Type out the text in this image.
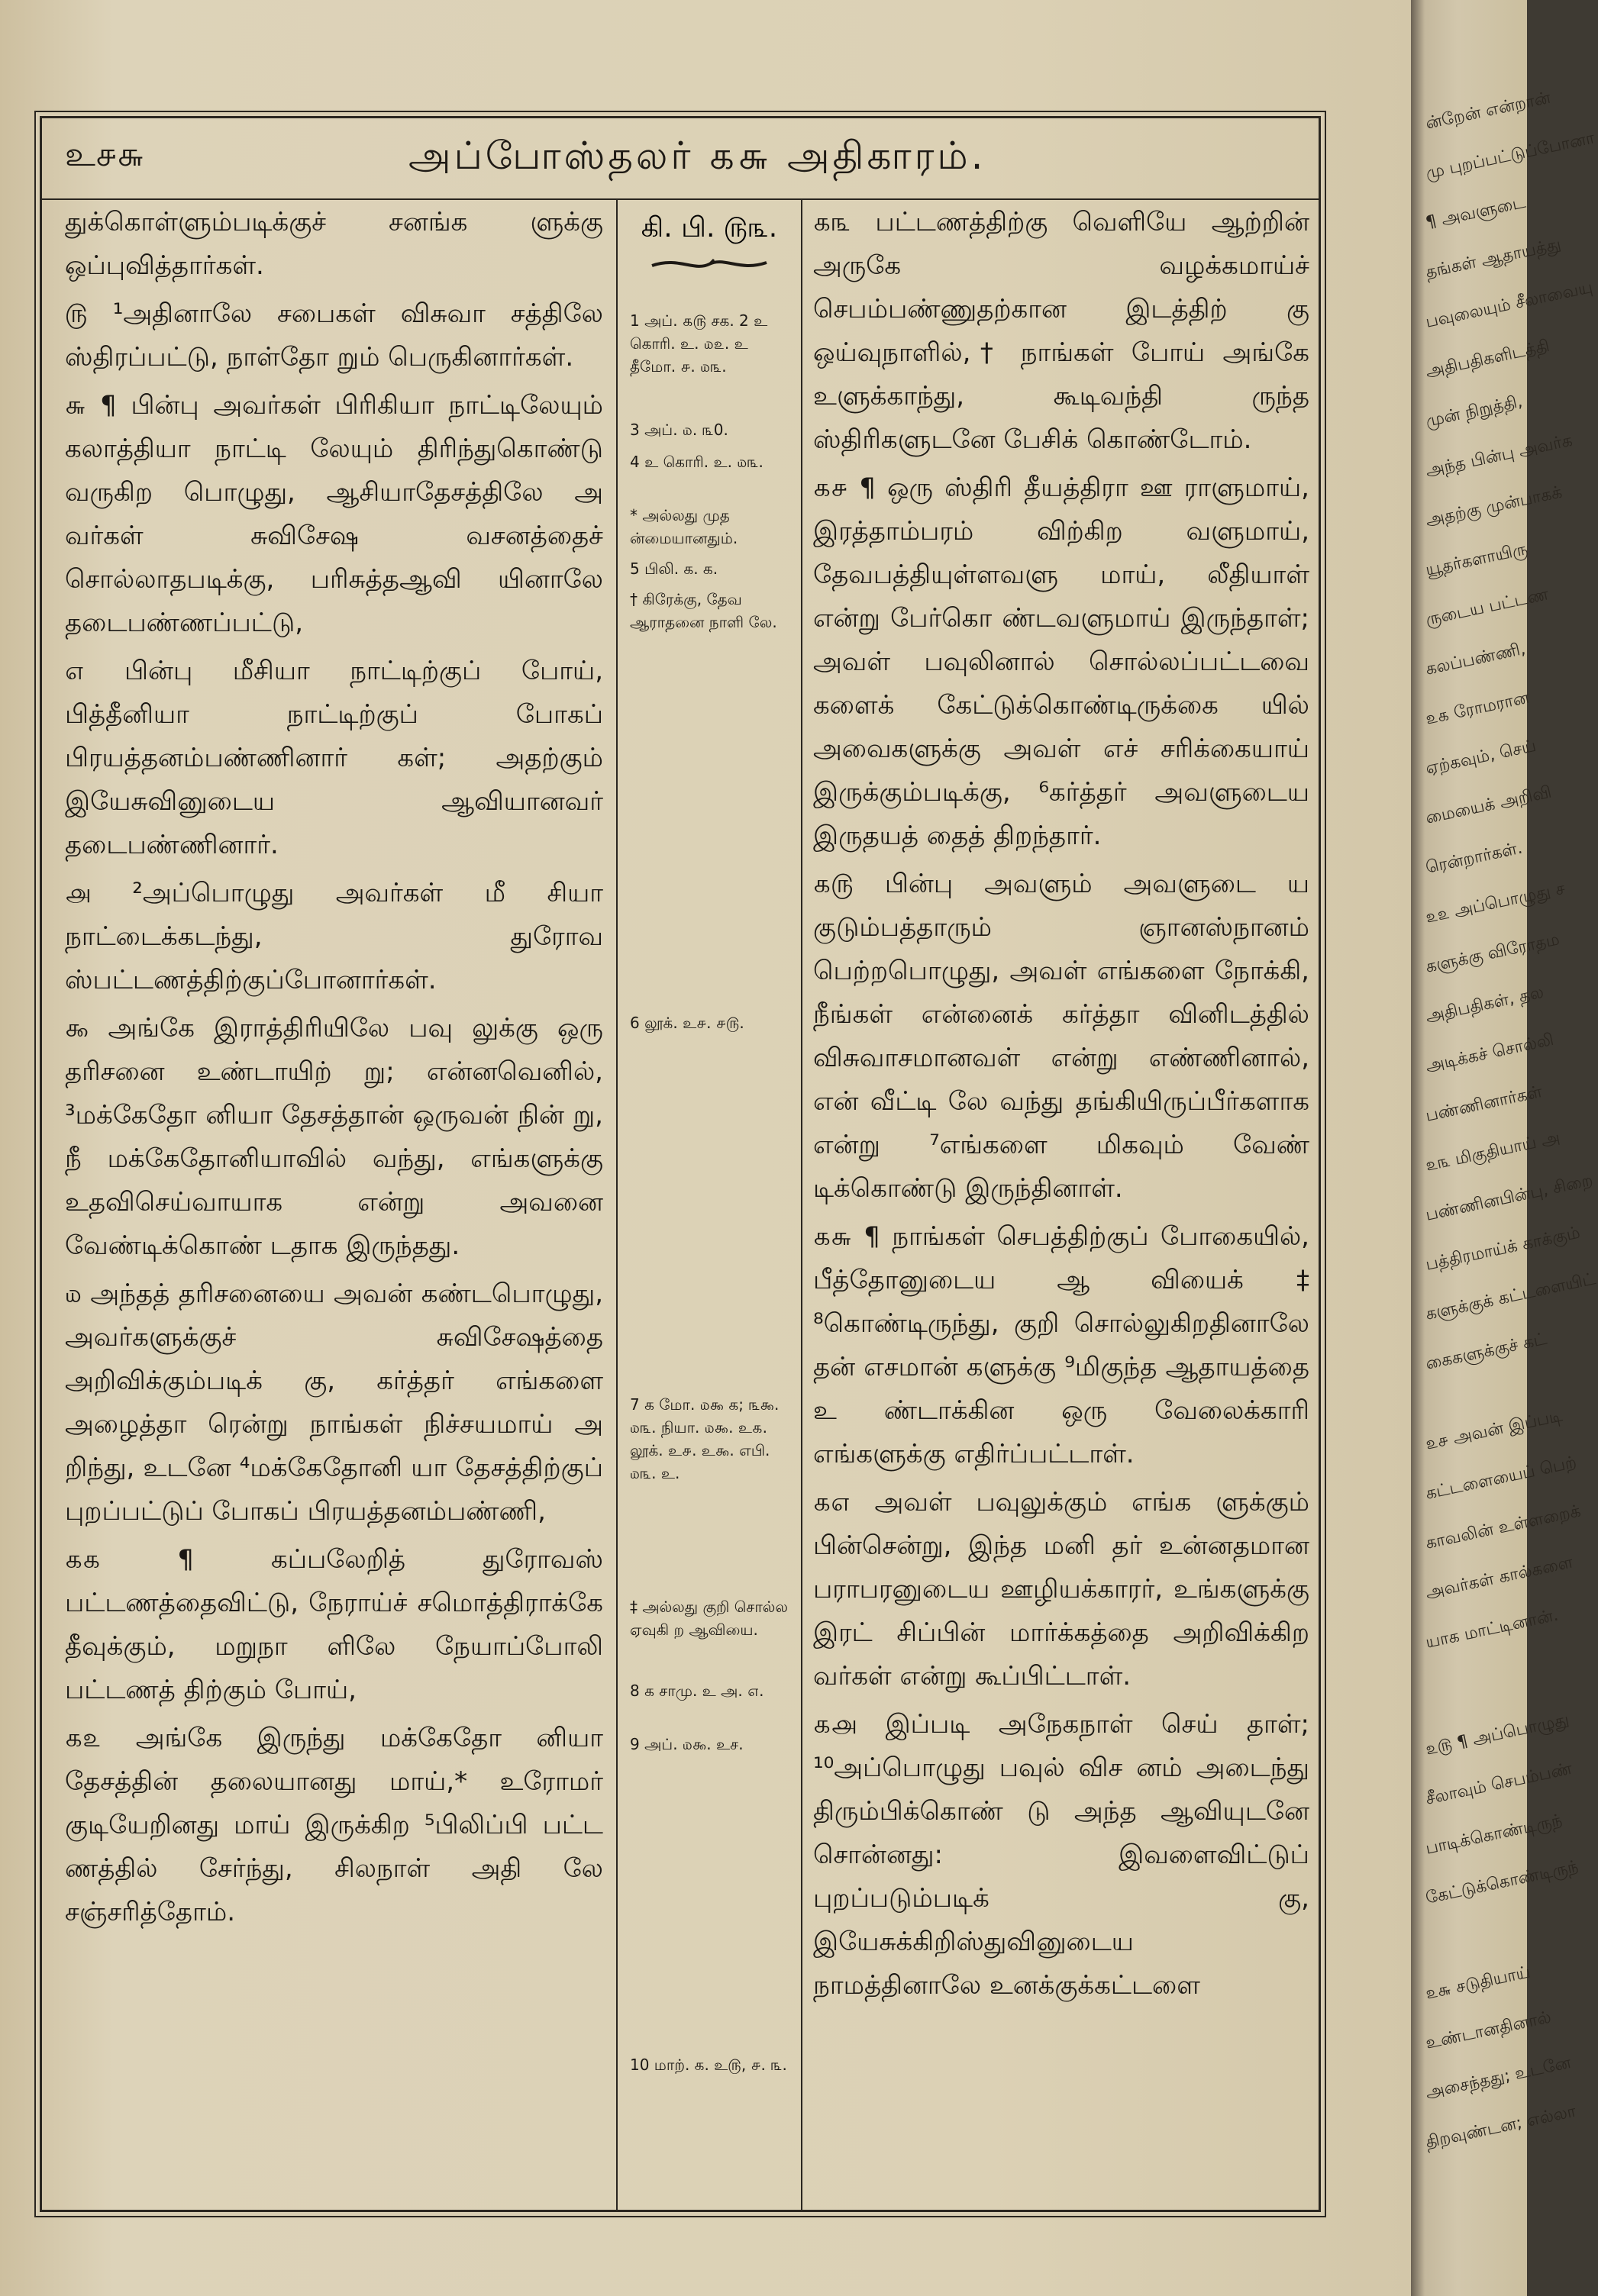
உ௪௬	அப்போஸ்தலர் ௧௬ அதிகாரம்.

துக்கொள்ளும்படிக்குச் சனங்க ளுக்கு ஒப்புவித்தார்கள்.

௫ ¹அதினாலே சபைகள் விசுவா சத்திலே ஸ்திரப்பட்டு, நாள்தோ றும் பெருகினார்கள்.

௬ ¶ பின்பு அவர்கள் பிரிகியா நாட்டிலேயும் கலாத்தியா நாட்டி லேயும் திரிந்துகொண்டு வருகிற பொழுது, ஆசியாதேசத்திலே அ வர்கள் சுவிசேஷ வசனத்தைச் சொல்லாதபடிக்கு, பரிசுத்தஆவி யினாலே தடைபண்ணப்பட்டு,

௭ பின்பு மீசியா நாட்டிற்குப் போய், பித்தீனியா நாட்டிற்குப் போகப் பிரயத்தனம்பண்ணினார் கள்; அதற்கும் இயேசுவினுடைய ஆவியானவர் தடைபண்ணினார்.

௮ ²அப்பொழுது அவர்கள் மீ சியா நாட்டைக்கடந்து, துரோவ ஸ்பட்டணத்திற்குப்போனார்கள்.

௯ அங்கே இராத்திரியிலே பவு லுக்கு ஒரு தரிசனை உண்டாயிற் று; என்னவெனில், ³மக்கேதோ னியா தேசத்தான் ஒருவன் நின் று, நீ மக்கேதோனியாவில் வந்து, எங்களுக்கு உதவிசெய்வாயாக என்று அவனை வேண்டிக்கொண் டதாக இருந்தது.

௰ அந்தத் தரிசனையை அவன் கண்டபொழுது, அவர்களுக்குச் சுவிசேஷத்தை அறிவிக்கும்படிக் கு, கர்த்தர் எங்களை அழைத்தா ரென்று நாங்கள் நிச்சயமாய் அ றிந்து, உடனே ⁴மக்கேதோனி யா தேசத்திற்குப் புறப்பட்டுப் போகப் பிரயத்தனம்பண்ணி,

௧௧ ¶ கப்பலேறித் துரோவஸ் பட்டணத்தைவிட்டு, நேராய்ச் சமொத்திராக்கே தீவுக்கும், மறுநா ளிலே நேயாப்போலி பட்டணத் திற்கும் போய்,

௧௨ அங்கே இருந்து மக்கேதோ னியா தேசத்தின் தலையானது மாய்,* உரோமர் குடியேறினது மாய் இருக்கிற ⁵பிலிப்பி பட்ட ணத்தில் சேர்ந்து, சிலநாள் அதி லே சஞ்சரித்தோம்.

கி. பி. ௫௩.
1 அப். ௧௫ சக. 2 உ கொரி. உ. ௰௨. உ தீமோ. ௪. ௰௩.
3 அப். ௰. ௩0.
4 உ கொரி. உ. ௰௩.
* அல்லது முத ன்மையானதும்.
5 பிலி. க. க.
† கிரேக்கு, தேவ ஆராதனை நாளி லே.
6 லூக். உ௪. ௪௫.
7 க மோ. ௰௯ க; ௩௯. ௰௩. நியா. ௰௯. உ௧. லூக். உ௪. உ௯. எபி. ௰௩. உ.
‡ அல்லது குறி சொல்ல ஏவுகி ற ஆவியை.
8 க சாமு. உ அ. ௭.
9 அப். ௰௯. உச.
10 மாற். க. உ௫, ௪. ௩.

௧௩ பட்டணத்திற்கு வெளியே ஆற்றின் அருகே வழக்கமாய்ச் செபம்பண்ணுதற்கான இடத்திற் கு ஒய்வுநாளில்,† நாங்கள் போய் அங்கே உளுக்காந்து, கூடிவந்தி ருந்த ஸ்திரிகளுடனே பேசிக் கொண்டோம்.

௧௪ ¶ ஒரு ஸ்திரி தீயத்திரா ஊ ராளுமாய், இரத்தாம்பரம் விற்கிற வளுமாய், தேவபத்தியுள்ளவளு மாய், லீதியாள் என்று பேர்கொ ண்டவளுமாய் இருந்தாள்; அவள் பவுலினால் சொல்லப்பட்டவை களைக் கேட்டுக்கொண்டிருக்கை யில் அவைகளுக்கு அவள் எச் சரிக்கையாய் இருக்கும்படிக்கு, ⁶கர்த்தர் அவளுடைய இருதயத் தைத் திறந்தார்.

௧௫ பின்பு அவளும் அவளுடை ய குடும்பத்தாரும் ஞானஸ்நானம் பெற்றபொழுது, அவள் எங்களை நோக்கி, நீங்கள் என்னைக் கர்த்தா வினிடத்தில் விசுவாசமானவள் என்று எண்ணினால், என் வீட்டி லே வந்து தங்கியிருப்பீர்களாக என்று ⁷எங்களை மிகவும் வேண் டிக்கொண்டு இருந்தினாள்.

௧௬ ¶ நாங்கள் செபத்திற்குப் போகையில், பீத்தோனுடைய ஆ வியைக்‡ ⁸கொண்டிருந்து, குறி சொல்லுகிறதினாலே தன் எசமான் களுக்கு ⁹மிகுந்த ஆதாயத்தை உ ண்டாக்கின ஒரு வேலைக்காரி எங்களுக்கு எதிர்ப்பட்டாள்.

௧௭ அவள் பவுலுக்கும் எங்க ளுக்கும் பின்சென்று, இந்த மனி தர் உன்னதமான பராபரனுடைய ஊழியக்காரர், உங்களுக்கு இரட் சிப்பின் மார்க்கத்தை அறிவிக்கிற வர்கள் என்று கூப்பிட்டாள்.

௧௮ இப்படி அநேகநாள் செய் தாள்; ¹⁰அப்பொழுது பவுல் விச னம் அடைந்து திரும்பிக்கொண் டு அந்த ஆவியுடனே சொன்னது: இவளைவிட்டுப் புறப்படும்படிக் கு, இயேசுக்கிறிஸ்துவினுடைய நாமத்தினாலே உனக்குக்கட்டளை

ன்றேன் என்றான்
மு புறப்பட்டுப்போனா
¶ அவளுடை
தங்கள் ஆதாயத்து
பவுலையும் சீலாவையு
அதிபதிகளிடத்தி
முன் நிறுத்தி,
அந்த பின்பு அவர்க
அதற்கு முன்பாகக்
யூதர்களாயிரு
ருடைய பட்டண
கலப்பண்ணி,
௨௧ ரோமரான
ஏற்கவும், செய்
மையைக் அறிவி
ரென்றார்கள்.
௨௨ அப்பொழுது ச
களுக்கு விரோதம
அதிபதிகள், தல
அடிக்கச் சொல்லி
பண்ணினார்கள்
௨௩ மிகுதியாய் அ
பண்ணினபின்பு, சிறை
பத்திரமாய்க் காக்கும்
களுக்குக் கட்டளையிட்
கைகளுக்குச் கட்
௨௪ அவன் இப்படி
கட்டளையைப் பெற்
காவலின் உள்ளறைக்
அவர்கள் கால்களை
யாக மாட்டினான்.
௨௫ ¶ அப்பொழுது
சீலாவும் செபம்பண்
பாடிக்கொண்டிருந்
கேட்டுக்கொண்டிருந்
௨௬ சடுதியாய்
உண்டானதினால்
அசைந்தது; உடனே
திறவுண்டன; எல்லா
